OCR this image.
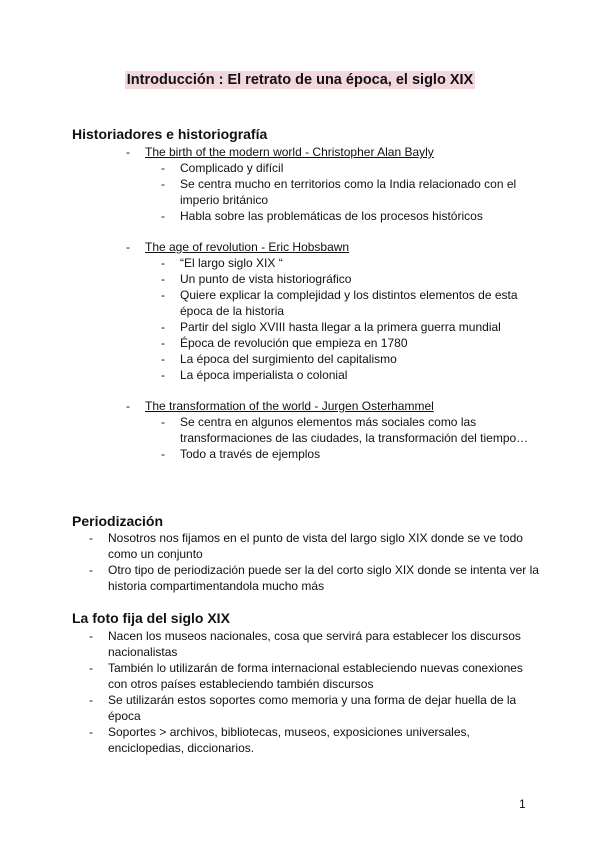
Introducción : El retrato de una época, el siglo XIX
Historiadores e historiografía
- The birth of the modern world - Christopher Alan Bayly
- Complicado y difícil
- Se centra mucho en territorios como la India relacionado con el imperio británico
- Habla sobre las problemáticas de los procesos históricos
- The age of revolution - Eric Hobsbawn
- “El largo siglo XIX “
- Un punto de vista historiográfico
- Quiere explicar la complejidad y los distintos elementos de esta época de la historia
- Partir del siglo XVIII hasta llegar a la primera guerra mundial
- Época de revolución que empieza en 1780
- La época del surgimiento del capitalismo
- La época imperialista o colonial
- The transformation of the world - Jurgen Osterhammel
- Se centra en algunos elementos más sociales como las transformaciones de las ciudades, la transformación del tiempo…
- Todo a través de ejemplos
Periodización
- Nosotros nos fijamos en el punto de vista del largo siglo XIX donde se ve todo como un conjunto
- Otro tipo de periodización puede ser la del corto siglo XIX donde se intenta ver la historia compartimentandola mucho más
La foto fija del siglo XIX
- Nacen los museos nacionales, cosa que servirá para establecer los discursos nacionalistas
- También lo utilizarán de forma internacional estableciendo nuevas conexiones con otros países estableciendo también discursos
- Se utilizarán estos soportes como memoria y una forma de dejar huella de la época
- Soportes > archivos, bibliotecas, museos, exposiciones universales, enciclopedias, diccionarios.
1
